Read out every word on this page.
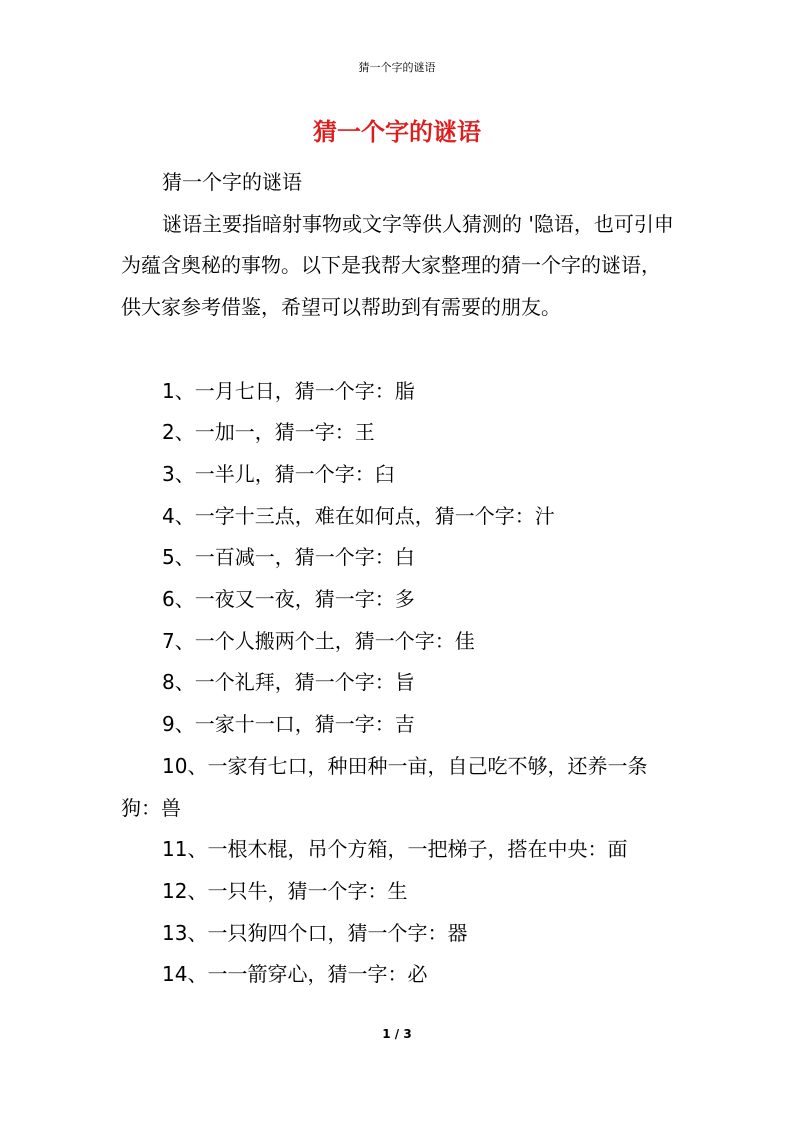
猜一个字的谜语
猜一个字的谜语

猜一个字的谜语

谜语主要指暗射事物或文字等供人猜测的 '隐语，也可引申为蕴含奥秘的事物。以下是我帮大家整理的猜一个字的谜语，供大家参考借鉴，希望可以帮助到有需要的朋友。

1、一月七日，猜一个字：脂

2、一加一，猜一字：王

3、一半儿，猜一个字：臼

4、一字十三点，难在如何点，猜一个字：汁

5、一百减一，猜一个字：白

6、一夜又一夜，猜一字：多

7、一个人搬两个土，猜一个字：佳

8、一个礼拜，猜一个字：旨

9、一家十一口，猜一字：吉

10、一家有七口，种田种一亩，自己吃不够，还养一条狗：兽

11、一根木棍，吊个方箱，一把梯子，搭在中央：面

12、一只牛，猜一个字：生

13、一只狗四个口，猜一个字：器

14、一一箭穿心，猜一字：必

1 / 3
